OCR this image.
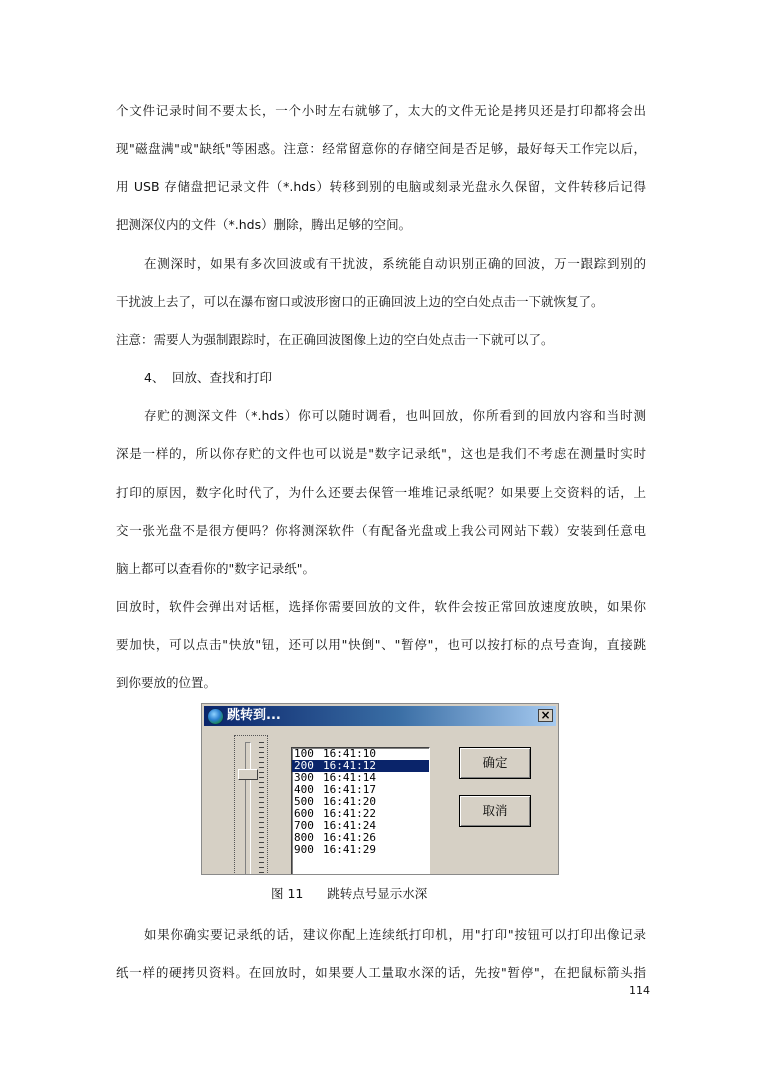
个文件记录时间不要太长，一个小时左右就够了，太大的文件无论是拷贝还是打印都将会出
现"磁盘满"或"缺纸"等困惑。注意：经常留意你的存储空间是否足够，最好每天工作完以后，
用 USB 存储盘把记录文件（*.hds）转移到别的电脑或刻录光盘永久保留，文件转移后记得
把测深仪内的文件（*.hds）删除，腾出足够的空间。
在测深时，如果有多次回波或有干扰波，系统能自动识别正确的回波，万一跟踪到别的
干扰波上去了，可以在瀑布窗口或波形窗口的正确回波上边的空白处点击一下就恢复了。
注意：需要人为强制跟踪时，在正确回波图像上边的空白处点击一下就可以了。
4、 回放、查找和打印
存贮的测深文件（*.hds）你可以随时调看，也叫回放，你所看到的回放内容和当时测
深是一样的，所以你存贮的文件也可以说是"数字记录纸"，这也是我们不考虑在测量时实时
打印的原因，数字化时代了，为什么还要去保管一堆堆记录纸呢？如果要上交资料的话，上
交一张光盘不是很方便吗？你将测深软件（有配备光盘或上我公司网站下载）安装到任意电
脑上都可以查看你的"数字记录纸"。
回放时，软件会弹出对话框，选择你需要回放的文件，软件会按正常回放速度放映，如果你
要加快，可以点击"快放"钮，还可以用"快倒"、"暂停"，也可以按打标的点号查询，直接跳
到你要放的位置。
跳转到...	×
100 16:41:10
200 16:41:12
300 16:41:14
400 16:41:17
500 16:41:20
600 16:41:22
700 16:41:24
800 16:41:26
900 16:41:29
确定
取消
图 11 跳转点号显示水深
如果你确实要记录纸的话，建议你配上连续纸打印机，用"打印"按钮可以打印出像记录
纸一样的硬拷贝资料。在回放时，如果要人工量取水深的话，先按"暂停"，在把鼠标箭头指
114
